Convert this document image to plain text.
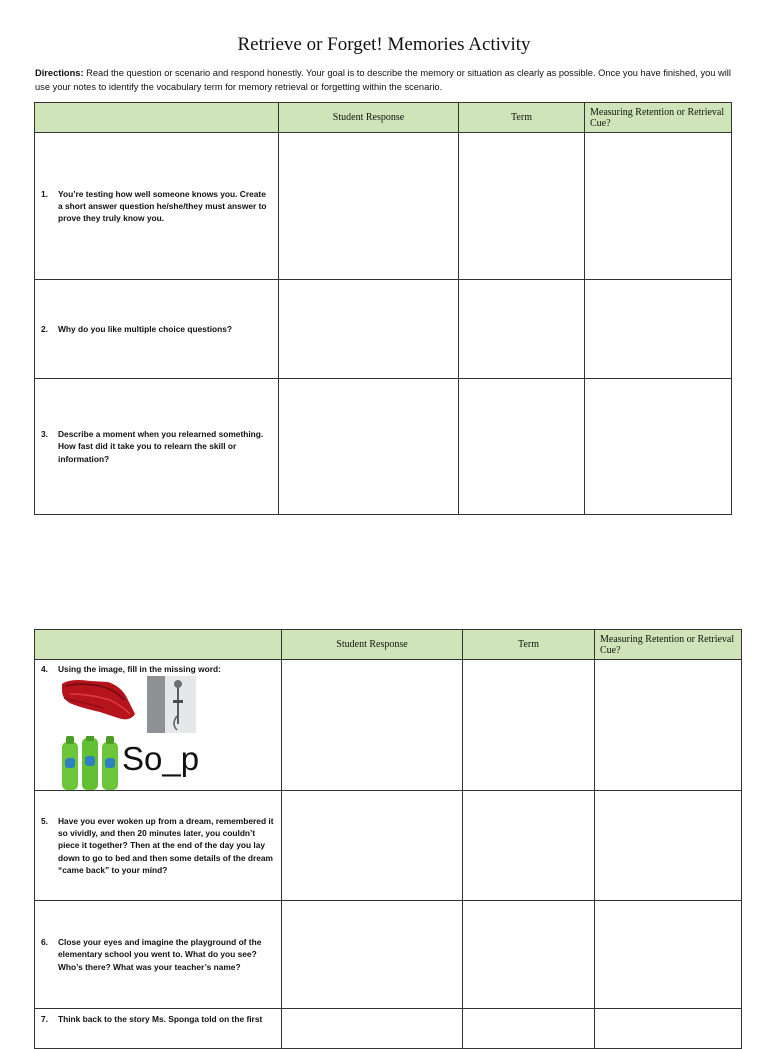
Retrieve or Forget! Memories Activity
Directions: Read the question or scenario and respond honestly. Your goal is to describe the memory or situation as clearly as possible. Once you have finished, you will use your notes to identify the vocabulary term for memory retrieval or forgetting within the scenario.
	Student Response	Term	Measuring Retention or Retrieval Cue?

1. You’re testing how well someone knows you. Create a short answer question he/she/they must answer to prove they truly know you.			

2. Why do you like multiple choice questions?			

3. Describe a moment when you relearned something. How fast did it take you to relearn the skill or information?			

	Student Response	Term	Measuring Retention or Retrieval Cue?

4. Using the image, fill in the missing word:
So_p			

5. Have you ever woken up from a dream, remembered it so vividly, and then 20 minutes later, you couldn’t piece it together? Then at the end of the day you lay down to go to bed and then some details of the dream “came back” to your mind?			

6. Close your eyes and imagine the playground of the elementary school you went to. What do you see? Who’s there? What was your teacher’s name?			

7. Think back to the story Ms. Sponga told on the first			
